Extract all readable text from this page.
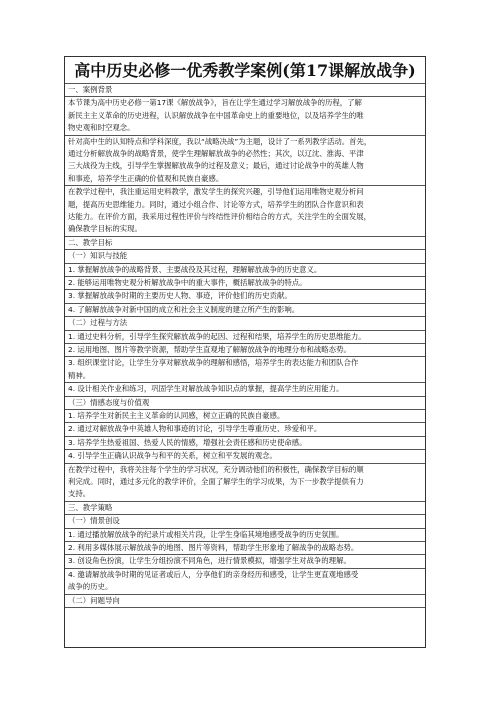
高中历史必修一优秀教学案例(第17课解放战争)
一、案例背景
本节课为高中历史必修一第17课《解放战争》，旨在让学生通过学习解放战争的历程，了解
新民主主义革命的历史进程，认识解放战争在中国革命史上的重要地位，以及培养学生的唯
物史观和时空观念。
针对高中生的认知特点和学科深度，我以“战略决战”为主题，设计了一系列教学活动。首先，
通过分析解放战争的战略背景，使学生理解解放战争的必然性；其次，以辽沈、淮海、平津
三大战役为主线，引导学生掌握解放战争的过程及意义；最后，通过讨论战争中的英雄人物
和事迹，培养学生正确的价值观和民族自豪感。
在教学过程中，我注重运用史料教学，激发学生的探究兴趣，引导他们运用唯物史观分析问
题，提高历史思维能力。同时，通过小组合作、讨论等方式，培养学生的团队合作意识和表
达能力。在评价方面，我采用过程性评价与终结性评价相结合的方式，关注学生的全面发展，
确保教学目标的实现。
二、教学目标
（一）知识与技能
1. 掌握解放战争的战略背景、主要战役及其过程，理解解放战争的历史意义。
2. 能够运用唯物史观分析解放战争中的重大事件，概括解放战争的特点。
3. 掌握解放战争时期的主要历史人物、事迹，评价他们的历史贡献。
4. 了解解放战争对新中国的成立和社会主义制度的建立所产生的影响。
（二）过程与方法
1. 通过史料分析，引导学生探究解放战争的起因、过程和结果，培养学生的历史思维能力。
2. 运用地图、图片等教学资源，帮助学生直观地了解解放战争的地理分布和战略态势。
3. 组织课堂讨论，让学生分享对解放战争的理解和感悟，培养学生的表达能力和团队合作
精神。
4. 设计相关作业和练习，巩固学生对解放战争知识点的掌握，提高学生的应用能力。
（三）情感态度与价值观
1. 培养学生对新民主主义革命的认同感，树立正确的民族自豪感。
2. 通过对解放战争中英雄人物和事迹的讨论，引导学生尊重历史、珍爱和平。
3. 培养学生热爱祖国、热爱人民的情感，增强社会责任感和历史使命感。
4. 引导学生正确认识战争与和平的关系，树立和平发展的观念。
在教学过程中，我将关注每个学生的学习状况，充分调动他们的积极性，确保教学目标的顺
利完成。同时，通过多元化的教学评价，全面了解学生的学习成果，为下一步教学提供有力
支持。
三、教学策略
（一）情景创设
1. 通过播放解放战争的纪录片或相关片段，让学生身临其境地感受战争的历史氛围。
2. 利用多媒体展示解放战争的地图、图片等资料，帮助学生形象地了解战争的战略态势。
3. 创设角色扮演，让学生分组扮演不同角色，进行情景模拟，增强学生对战争的理解。
4. 邀请解放战争时期的见证者或后人，分享他们的亲身经历和感受，让学生更直观地感受
战争的历史。
（二）问题导向
